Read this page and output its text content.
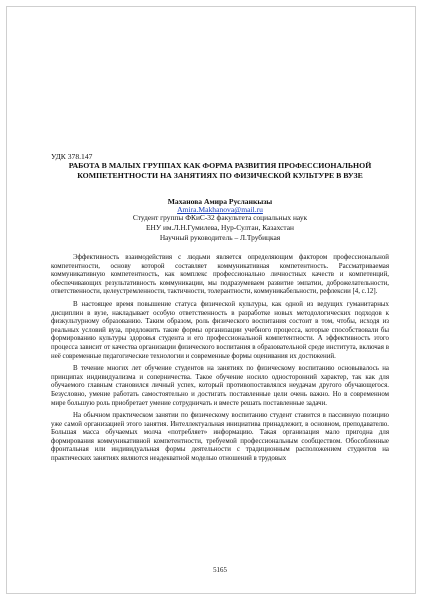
УДК 378.147
РАБОТА В МАЛЫХ ГРУППАХ КАК ФОРМА РАЗВИТИЯ ПРОФЕССИОНАЛЬНОЙ
КОМПЕТЕНТНОСТИ НА ЗАНЯТИЯХ ПО ФИЗИЧЕСКОЙ КУЛЬТУРЕ В ВУЗЕ
Маханова Амира Русланкызы
Amira.Makhanova@mail.ru
Студент группы ФКиС-32 факультета социальных наук
ЕНУ им.Л.Н.Гумилева, Нур-Султан, Казахстан
Научный руководитель – Л.Трубицкая

Эффективность взаимодействия с людьми является определяющим фактором профессиональной компетентности, основу которой составляет коммуникативная компетентность. Рассматриваемая коммуникативную компетентность, как комплекс профессионально личностных качеств и компетенций, обеспечивающих результативность коммуникации, мы подразумеваем развитие эмпатии, доброжелательности, ответственности, целеустремленности, тактичности, толерантности, коммуникабельности, рефлексии [4, с.12].

В настоящее время повышение статуса физической культуры, как одной из ведущих гуманитарных дисциплин в вузе, накладывает особую ответственность в разработке новых методологических подходов к физкультурному образованию. Таким образом, роль физического воспитания состоит в том, чтобы, исходя из реальных условий вуза, предложить такие формы организации учебного процесса, которые способствовали бы формированию культуры здоровья студента и его профессиональной компетентности. А эффективность этого процесса зависит от качества организации физического воспитания в образовательной среде института, включая в неё современные педагогические технологии и современные формы оценивания их достижений.

В течение многих лет обучение студентов на занятиях по физическому воспитанию основывалось на принципах индивидуализма и соперничества. Такое обучение носило односторонний характер, так как для обучаемого главным становился личный успех, который противопоставлялся неудачам другого обучающегося. Безусловно, умение работать самостоятельно и достигать поставленные цели очень важно. Но в современном мире большую роль приобретает умение сотрудничать и вместе решать поставленные задачи.

На обычном практическом занятии по физическому воспитанию студент ставится в пассивную позицию уже самой организацией этого занятия. Интеллектуальная инициатива принадлежит, в основном, преподавателю. Большая масса обучаемых молча «потребляет» информацию. Такая организация мало пригодна для формирования коммуникативной компетентности, требуемой профессиональным сообществом. Обособленные фронтальная или индивидуальная формы деятельности с традиционным расположением студентов на практических занятиях являются неадекватной моделью отношений в трудовых

5165
